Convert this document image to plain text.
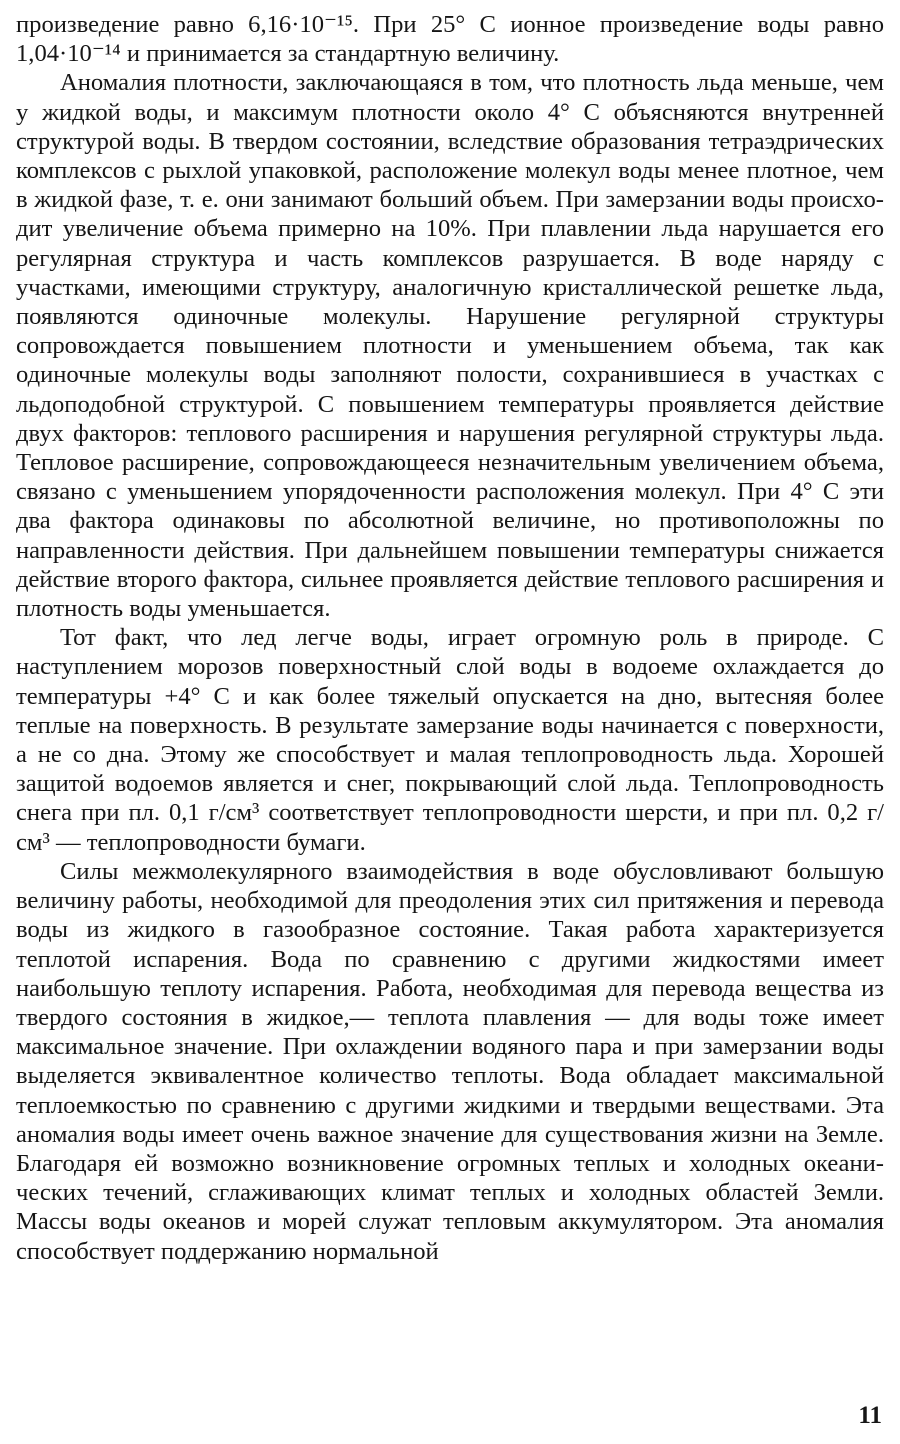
произведение равно 6,16·10⁻¹⁵. При 25° С ионное произведение воды равно 1,04·10⁻¹⁴ и принимается за стандартную величину.

Аномалия плотности, заключающаяся в том, что плотность льда меньше, чем у жидкой воды, и максимум плотности около 4° С объясняются внутренней структурой воды. В твердом состоянии, вследствие образования тетраэдрических комплексов с рыхлой упаковкой, расположение молекул воды менее плотное, чем в жидкой фазе, т. е. они занимают больший объем. При замерзании воды происходит увеличение объема примерно на 10%. При плавлении льда нарушается его регулярная структура и часть комплексов разрушается. В воде наряду с участками, имеющими структуру, аналогичную кристаллической решетке льда, появляются одиночные молекулы. Нарушение регулярной структуры сопровождается повышением плотности и уменьшением объема, так как одиночные молекулы воды заполняют полости, сохранившиеся в участках с льдоподобной структурой. С повышением температуры проявляется действие двух факторов: теплового расширения и нарушения регулярной структуры льда. Тепловое расширение, сопровождающееся незначительным увеличением объема, связано с уменьшением упорядоченности расположения молекул. При 4° С эти два фактора одинаковы по абсолютной величине, но противоположны по направленности действия. При дальнейшем повышении температуры снижается действие второго фактора, сильнее проявляется действие теплового расширения и плотность воды уменьшается.

Тот факт, что лед легче воды, играет огромную роль в природе. С наступлением морозов поверхностный слой воды в водоеме охлаждается до температуры +4° С и как более тяжелый опускается на дно, вытесняя более теплые на поверхность. В результате замерзание воды начинается с поверхности, а не со дна. Этому же способствует и малая теплопроводность льда. Хорошей защитой водоемов является и снег, покрывающий слой льда. Теплопроводность снега при пл. 0,1 г/см³ соответствует теплопроводности шерсти, и при пл. 0,2 г/см³ — теплопроводности бумаги.

Силы межмолекулярного взаимодействия в воде обусловливают большую величину работы, необходимой для преодоления этих сил притяжения и перевода воды из жидкого в газообразное состояние. Такая работа характеризуется теплотой испарения. Вода по сравнению с другими жидкостями имеет наибольшую теплоту испарения. Работа, необходимая для перевода вещества из твердого состояния в жидкое,— теплота плавления — для воды тоже имеет максимальное значение. При охлаждении водяного пара и при замерзании воды выделяется эквивалентное количество теплоты. Вода обладает максимальной теплоемкостью по сравнению с другими жидкими и твердыми веществами. Эта аномалия воды имеет очень важное значение для существования жизни на Земле. Благодаря ей возможно возникновение огромных теплых и холодных океанических течений, сглаживающих климат теплых и холодных областей Земли. Массы воды океанов и морей служат тепловым аккумулятором. Эта аномалия способствует поддержанию нормальной

11
